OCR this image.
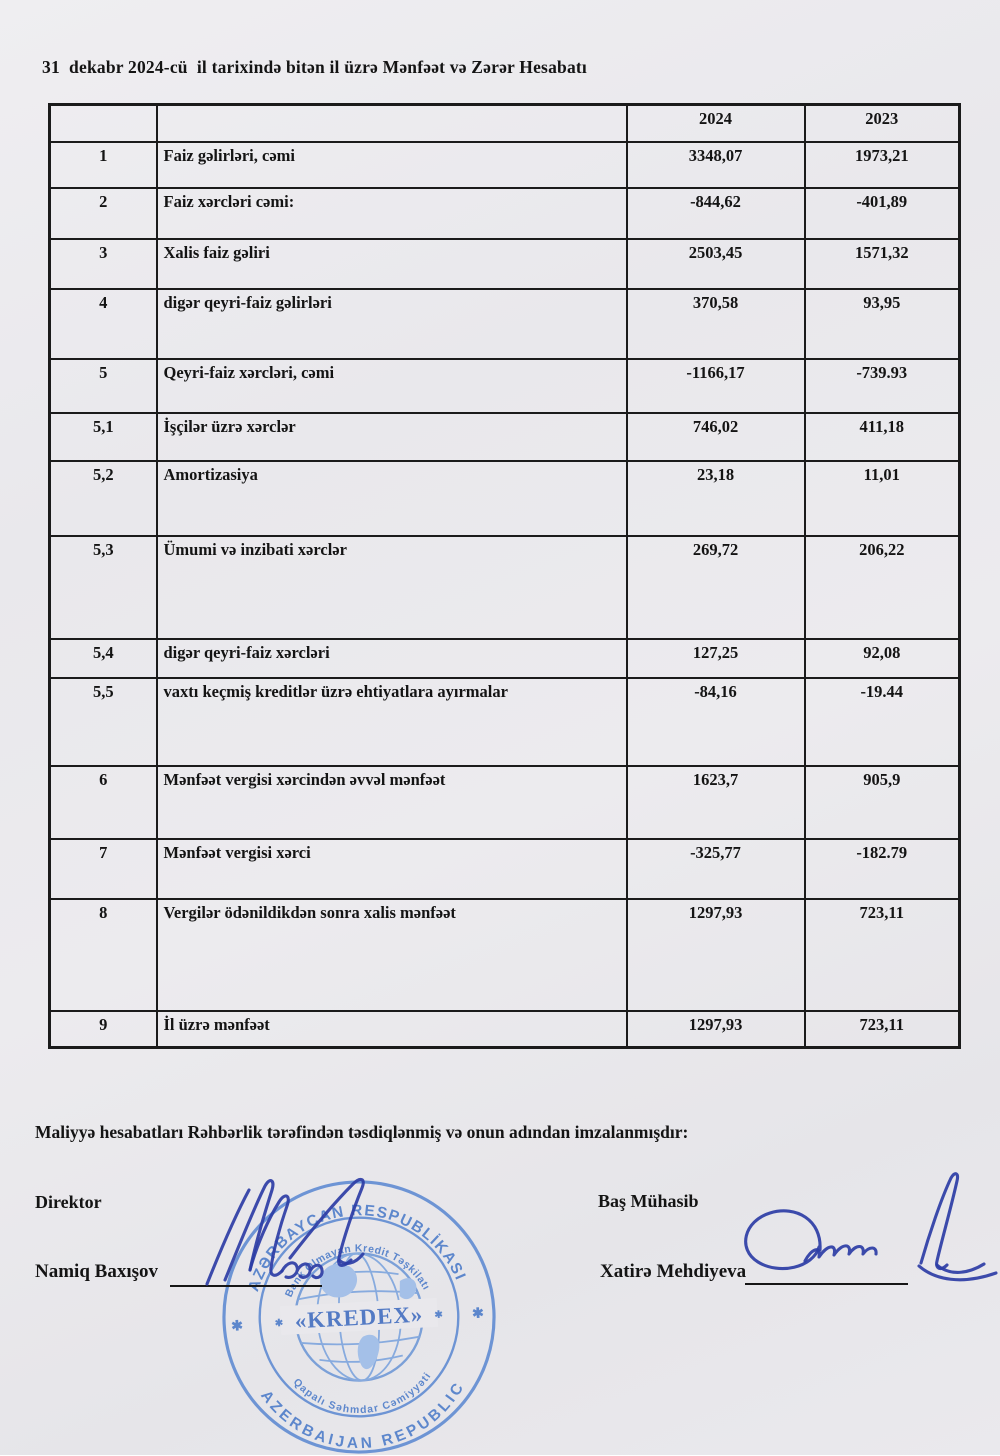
31  dekabr 2024-cü  il tarixində bitən il üzrə Mənfəət və Zərər Hesabatı
		2024	2023
1	Faiz gəlirləri, cəmi	3348,07	1973,21
2	Faiz xərcləri cəmi:	-844,62	-401,89
3	Xalis faiz gəliri	2503,45	1571,32
4	digər qeyri-faiz gəlirləri	370,58	93,95
5	Qeyri-faiz xərcləri, cəmi	-1166,17	-739.93
5,1	İşçilər üzrə xərclər	746,02	411,18
5,2	Amortizasiya	23,18	11,01
5,3	Ümumi və inzibati xərclər	269,72	206,22
5,4	digər qeyri-faiz xərcləri	127,25	92,08
5,5	vaxtı keçmiş kreditlər üzrə ehtiyatlara ayırmalar	-84,16	-19.44
6	Mənfəət vergisi xərcindən əvvəl mənfəət	1623,7	905,9
7	Mənfəət vergisi xərci	-325,77	-182.79
8	Vergilər ödənildikdən sonra xalis mənfəət	1297,93	723,11
9	İl üzrə mənfəət	1297,93	723,11
Maliyyə hesabatları Rəhbərlik tərəfindən təsdiqlənmiş və onun adından imzalanmışdır:
Direktor	Baş Mühasib
«KREDEX»
AZƏRBAYCAN RESPUBLİKASI
AZERBAIJAN REPUBLIC
Bank Olmayan Kredit Təşkilatı
Qapalı Səhmdar Cəmiyyəti
✱
✱
✱
✱
Namiq Baxışov	Xatirə Mehdiyeva
